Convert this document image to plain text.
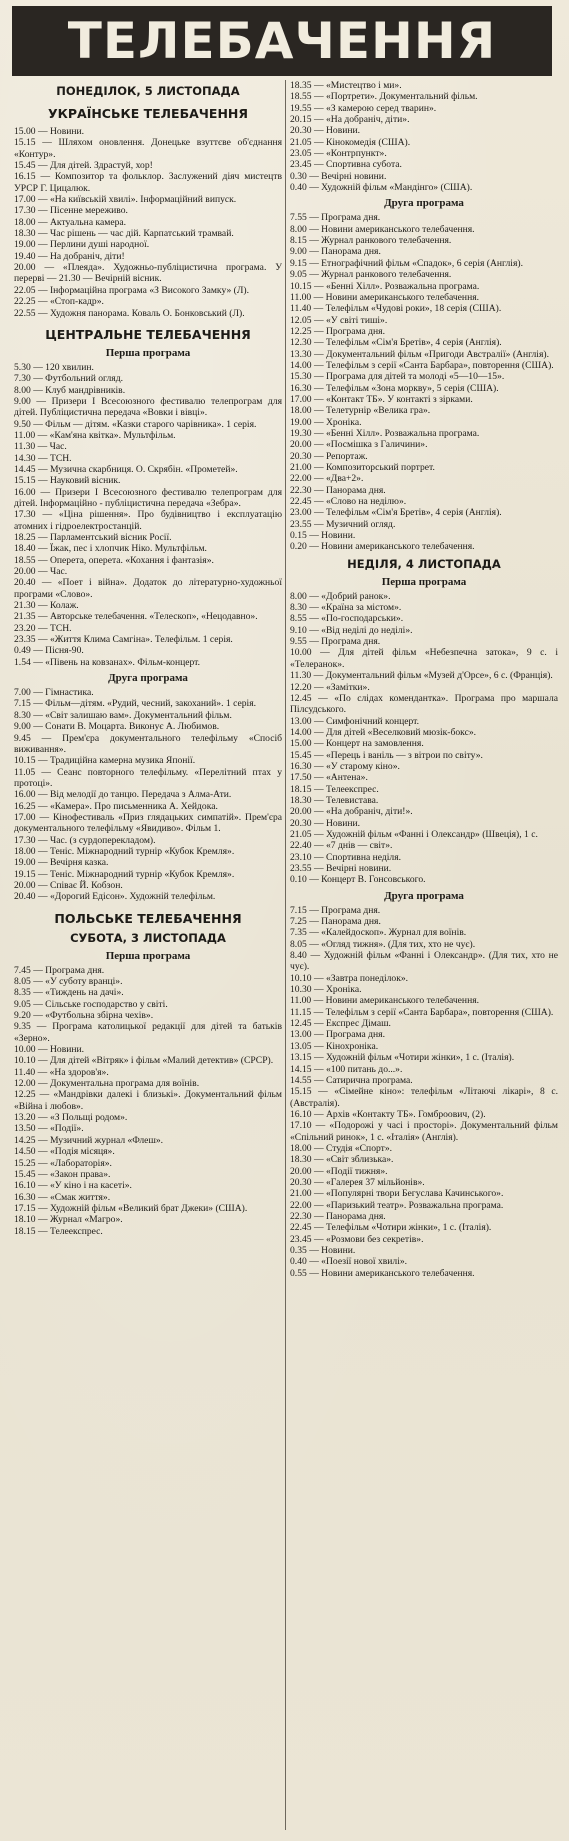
ТЕЛЕБАЧЕННЯ
ПОНЕДІЛОК, 5 ЛИСТОПАДА
УКРАЇНСЬКЕ ТЕЛЕБАЧЕННЯ
15.00 — Новини.
15.15 — Шляхом оновлення. Донецьке взуттєве об'єднання «Контур».
15.45 — Для дітей. Здрастуй, хор!
16.15 — Композитор та фольклор. Заслужений діяч мистецтв УРСР Г. Цицалюк.
17.00 — «На київській хвилі». Інформаційний випуск.
17.30 — Пісенне мереживо.
18.00 — Актуальна камера.
18.30 — Час рішень — час дій. Карпатський трамвай.
19.00 — Перлини душі народної.
19.40 — На добраніч, діти!
20.00 — «Плеяда». Художньо-публіцистична програма. У перерві — 21.30 — Вечірній вісник.
22.05 — Інформаційна програма «З Високого Замку» (Л).
22.25 — «Стоп-кадр».
22.55 — Художня панорама. Коваль О. Бонковський (Л).
ЦЕНТРАЛЬНЕ ТЕЛЕБАЧЕННЯ
Перша програма
5.30 — 120 хвилин.
7.30 — Футбольний огляд.
8.00 — Клуб мандрівників.
9.00 — Призери I Всесоюзного фестивалю телепрограм для дітей. Публіцистична передача «Вовки і вівці».
9.50 — Фільм — дітям. «Казки старого чарівника». 1 серія.
11.00 — «Кам'яна квітка». Мультфільм.
11.30 — Час.
14.30 — ТСН.
14.45 — Музична скарбниця. О. Скрябін. «Прометей».
15.15 — Науковий вісник.
16.00 — Призери I Всесоюзного фестивалю телепрограм для дітей. Інформаційно - публіцистична передача «Зебра».
17.30 — «Ціна рішення». Про будівництво і експлуатацію атомних і гідроелектростанцій.
18.25 — Парламентський вісник Росії.
18.40 — Їжак, пес і хлопчик Ніко. Мультфільм.
18.55 — Оперета, оперета. «Кохання і фантазія».
20.00 — Час.
20.40 — «Поет і війна». Додаток до літературно-художньої програми «Слово».
21.30 — Колаж.
21.35 — Авторське телебачення. «Телескоп», «Нецодавно».
23.20 — ТСН.
23.35 — «Життя Клима Самгіна». Телефільм. 1 серія.
0.49 — Пісня-90.
1.54 — «Півень на ковзанах». Фільм-концерт.
Друга програма
7.00 — Гімнастика.
7.15 — Фільм—дітям. «Рудий, чесний, закоханий». 1 серія.
8.30 — «Світ залишаю вам». Документальний фільм.
9.00 — Сонати В. Моцарта. Виконує А. Любимов.
9.45 — Прем'єра документального телефільму «Спосіб виживання».
10.15 — Традиційна камерна музика Японії.
11.05 — Сеанс повторного телефільму. «Перелітний птах у протоці».
16.00 — Від мелодії до танцю. Передача з Алма-Ати.
16.25 — «Камера». Про письменника А. Хейдока.
17.00 — Кінофестиваль «Приз глядацьких симпатій». Прем'єра документального телефільму «Явидиво». Фільм 1.
17.30 — Час. (з сурдоперекладом).
18.00 — Теніс. Міжнародний турнір «Кубок Кремля».
19.00 — Вечірня казка.
19.15 — Теніс. Міжнародний турнір «Кубок Кремля».
20.00 — Співає Й. Кобзон.
20.40 — «Дорогий Едісон». Художній телефільм.
ПОЛЬСЬКЕ ТЕЛЕБАЧЕННЯ
СУБОТА, 3 ЛИСТОПАДА
Перша програма
7.45 — Програма дня.
8.05 — «У суботу вранці».
8.35 — «Тиждень на дачі».
9.05 — Сільське господарство у світі.
9.20 — «Футбольна збірна чехів».
9.35 — Програма католицької редакції для дітей та батьків «Зерно».
10.00 — Новини.
10.10 — Для дітей «Вітряк» і фільм «Малий детектив» (СРСР).
11.40 — «На здоров'я».
12.00 — Документальна програма для воїнів.
12.25 — «Мандрівки далекі і близькі». Документальний фільм «Війна і любов».
13.20 — «З Польщі родом».
13.50 — «Події».
14.25 — Музичний журнал «Флеш».
14.50 — «Подія місяця».
15.25 — «Лабораторія».
15.45 — «Закон права».
16.10 — «У кіно і на касеті».
16.30 — «Смак життя».
17.15 — Художній фільм «Великий брат Джеки» (США).
18.10 — Журнал «Магро».
18.15 — Телеекспрес.
18.35 — «Мистецтво і ми».
18.55 — «Портрети». Документальний фільм.
19.55 — «З камерою серед тварин».
20.15 — «На добраніч, діти».
20.30 — Новини.
21.05 — Кінокомедія (США).
23.05 — «Контрпункт».
23.45 — Спортивна субота.
0.30 — Вечірні новини.
0.40 — Художній фільм «Мандінго» (США).
Друга програма
7.55 — Програма дня.
8.00 — Новини американського телебачення.
8.15 — Журнал ранкового телебачення.
9.00 — Панорама дня.
9.15 — Етнографічний фільм «Спадок», 6 серія (Англія).
9.05 — Журнал ранкового телебачення.
10.15 — «Бенні Хілл». Розважальна програма.
11.00 — Новини американського телебачення.
11.40 — Телефільм «Чудові роки», 18 серія (США).
12.05 — «У світі тиші».
12.25 — Програма дня.
12.30 — Телефільм «Сім'я Бретів», 4 серія (Англія).
13.30 — Документальний фільм «Пригоди Австралії» (Англія).
14.00 — Телефільм з серії «Санта Барбара», повторення (США).
15.30 — Програма для дітей та молоді «5—10—15».
16.30 — Телефільм «Зона моркву», 5 серія (США).
17.00 — «Контакт ТБ». У контакті з зірками.
18.00 — Телетурнір «Велика гра».
19.00 — Хроніка.
19.30 — «Бенні Хілл». Розважальна програма.
20.00 — «Посмішка з Галичини».
20.30 — Репортаж.
21.00 — Композиторський портрет.
22.00 — «Два+2».
22.30 — Панорама дня.
22.45 — «Слово на неділю».
23.00 — Телефільм «Сім'я Бретів», 4 серія (Англія).
23.55 — Музичний огляд.
0.15 — Новини.
0.20 — Новини американського телебачення.
НЕДІЛЯ, 4 ЛИСТОПАДА
Перша програма
8.00 — «Добрий ранок».
8.30 — «Країна за містом».
8.55 — «По-господарськи».
9.10 — «Від неділі до неділі».
9.55 — Програма дня.
10.00 — Для дітей фільм «Небезпечна затока», 9 с. і «Телеранок».
11.30 — Документальний фільм «Музей д'Орсе», 6 с. (Франція).
12.20 — «Замітки».
12.45 — «По слідах комендантка». Програма про маршала Пілсудського.
13.00 — Симфонічний концерт.
14.00 — Для дітей «Веселковий мюзік-бокс».
15.00 — Концерт на замовлення.
15.45 — «Перець і ваніль — з вітрои по світу».
16.30 — «У старому кіно».
17.50 — «Антена».
18.15 — Телеекспрес.
18.30 — Телевистава.
20.00 — «На добраніч, діти!».
20.30 — Новини.
21.05 — Художній фільм «Фанні і Олександр» (Швеція), 1 с.
22.40 — «7 днів — світ».
23.10 — Спортивна неділя.
23.55 — Вечірні новини.
0.10 — Концерт В. Гонсовського.
Друга програма
7.15 — Програма дня.
7.25 — Панорама дня.
7.35 — «Калейдоскоп». Журнал для воїнів.
8.05 — «Огляд тижня». (Для тих, хто не чує).
8.40 — Художній фільм «Фанні і Олександр». (Для тих, хто не чує).
10.10 — «Завтра понеділок».
10.30 — Хроніка.
11.00 — Новини американського телебачення.
11.15 — Телефільм з серії «Санта Барбара», повторення (США).
12.45 — Експрес Дімаш.
13.00 — Програма дня.
13.05 — Кінохроніка.
13.15 — Художній фільм «Чотири жінки», 1 с. (Італія).
14.15 — «100 питань до...».
14.55 — Сатирична програма.
15.15 — «Сімейне кіно»: телефільм «Літаючі лікарі», 8 с. (Австралія).
16.10 — Архів «Контакту ТБ». Гомброович, (2).
17.10 — «Подорожі у часі і просторі». Документальний фільм «Спільний ринок», 1 с. «Італія» (Англія).
18.00 — Студія «Спорт».
18.30 — «Світ зблизька».
20.00 — «Події тижня».
20.30 — «Галерея 37 мільйонів».
21.00 — «Популярні твори Бегуслава Качинського».
22.00 — «Паризький театр». Розважальна програма.
22.30 — Панорама дня.
22.45 — Телефільм «Чотири жінки», 1 с. (Італія).
23.45 — «Розмови без секретів».
0.35 — Новини.
0.40 — «Поезії нової хвилі».
0.55 — Новини американського телебачення.
